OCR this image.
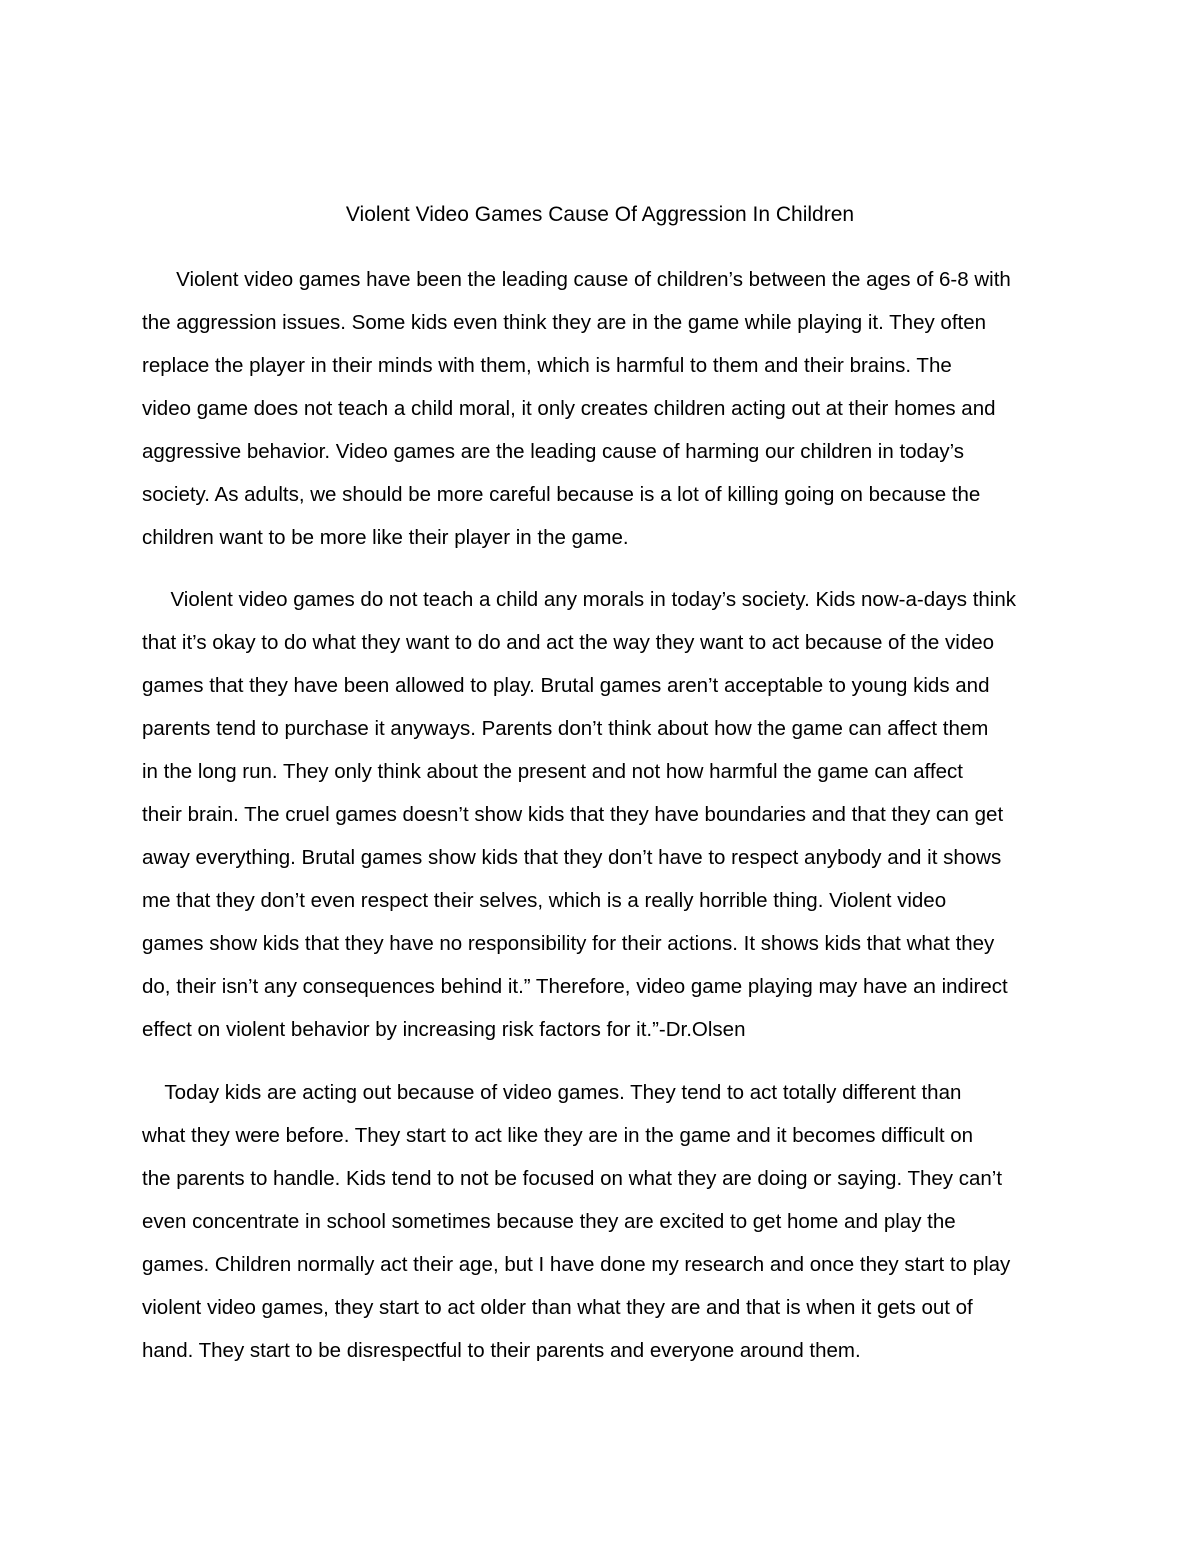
Violent Video Games Cause Of Aggression In Children

Violent video games have been the leading cause of children’s between the ages of 6-8 with
the aggression issues. Some kids even think they are in the game while playing it. They often
replace the player in their minds with them, which is harmful to them and their brains. The
video game does not teach a child moral, it only creates children acting out at their homes and
aggressive behavior. Video games are the leading cause of harming our children in today’s
society. As adults, we should be more careful because is a lot of killing going on because the
children want to be more like their player in the game.

Violent video games do not teach a child any morals in today’s society. Kids now-a-days think
that it’s okay to do what they want to do and act the way they want to act because of the video
games that they have been allowed to play. Brutal games aren’t acceptable to young kids and
parents tend to purchase it anyways. Parents don’t think about how the game can affect them
in the long run. They only think about the present and not how harmful the game can affect
their brain. The cruel games doesn’t show kids that they have boundaries and that they can get
away everything. Brutal games show kids that they don’t have to respect anybody and it shows
me that they don’t even respect their selves, which is a really horrible thing. Violent video
games show kids that they have no responsibility for their actions. It shows kids that what they
do, their isn’t any consequences behind it.” Therefore, video game playing may have an indirect
effect on violent behavior by increasing risk factors for it.”-Dr.Olsen

Today kids are acting out because of video games. They tend to act totally different than
what they were before. They start to act like they are in the game and it becomes difficult on
the parents to handle. Kids tend to not be focused on what they are doing or saying. They can’t
even concentrate in school sometimes because they are excited to get home and play the
games. Children normally act their age, but I have done my research and once they start to play
violent video games, they start to act older than what they are and that is when it gets out of
hand. They start to be disrespectful to their parents and everyone around them.
